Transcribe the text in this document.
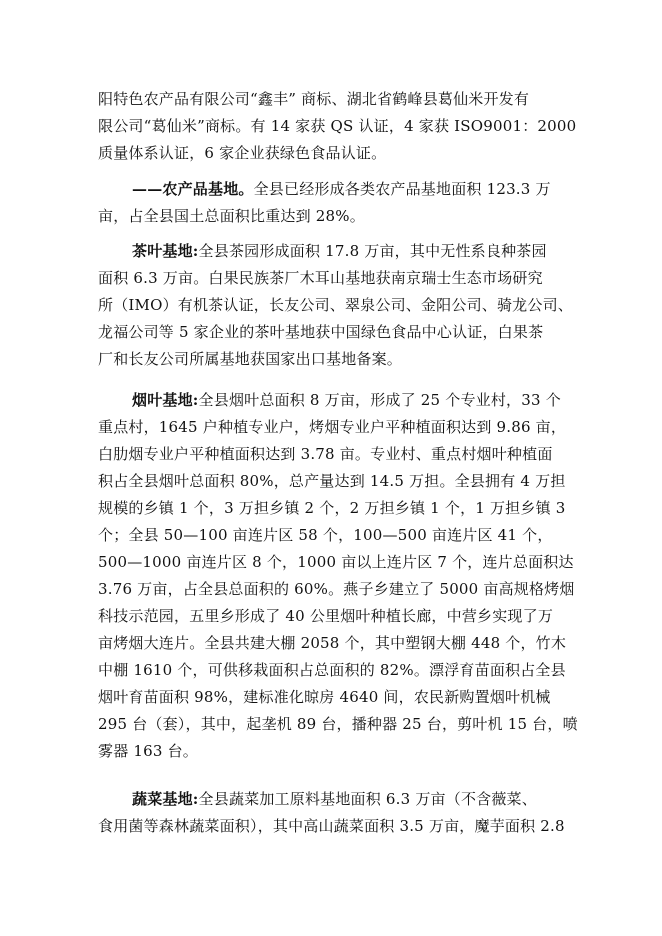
阳特色农产品有限公司“鑫丰” 商标、湖北省鹤峰县葛仙米开发有
限公司“葛仙米”商标。有 14 家获 QS 认证，4 家获 ISO9001：2000
质量体系认证，6 家企业获绿色食品认证。
——农产品基地。全县已经形成各类农产品基地面积 123.3 万
亩，占全县国土总面积比重达到 28%。
茶叶基地:全县茶园形成面积 17.8 万亩，其中无性系良种茶园
面积 6.3 万亩。白果民族茶厂木耳山基地获南京瑞士生态市场研究
所（IMO）有机茶认证，长友公司、翠泉公司、金阳公司、骑龙公司、
龙福公司等 5 家企业的茶叶基地获中国绿色食品中心认证，白果茶
厂和长友公司所属基地获国家出口基地备案。
烟叶基地:全县烟叶总面积 8 万亩，形成了 25 个专业村，33 个
重点村，1645 户种植专业户，烤烟专业户平种植面积达到 9.86 亩，
白肋烟专业户平种植面积达到 3.78 亩。专业村、重点村烟叶种植面
积占全县烟叶总面积 80%，总产量达到 14.5 万担。全县拥有 4 万担
规模的乡镇 1 个，3 万担乡镇 2 个，2 万担乡镇 1 个，1 万担乡镇 3
个；全县 50—100 亩连片区 58 个，100—500 亩连片区 41 个，
500—1000 亩连片区 8 个，1000 亩以上连片区 7 个，连片总面积达
3.76 万亩，占全县总面积的 60%。燕子乡建立了 5000 亩高规格烤烟
科技示范园，五里乡形成了 40 公里烟叶种植长廊，中营乡实现了万
亩烤烟大连片。全县共建大棚 2058 个，其中塑钢大棚 448 个，竹木
中棚 1610 个，可供移栽面积占总面积的 82%。漂浮育苗面积占全县
烟叶育苗面积 98%，建标准化晾房 4640 间，农民新购置烟叶机械
295 台（套），其中，起垄机 89 台，播种器 25 台，剪叶机 15 台，喷
雾器 163 台。
蔬菜基地:全县蔬菜加工原料基地面积 6.3 万亩（不含薇菜、
食用菌等森林蔬菜面积），其中高山蔬菜面积 3.5 万亩，魔芋面积 2.8
